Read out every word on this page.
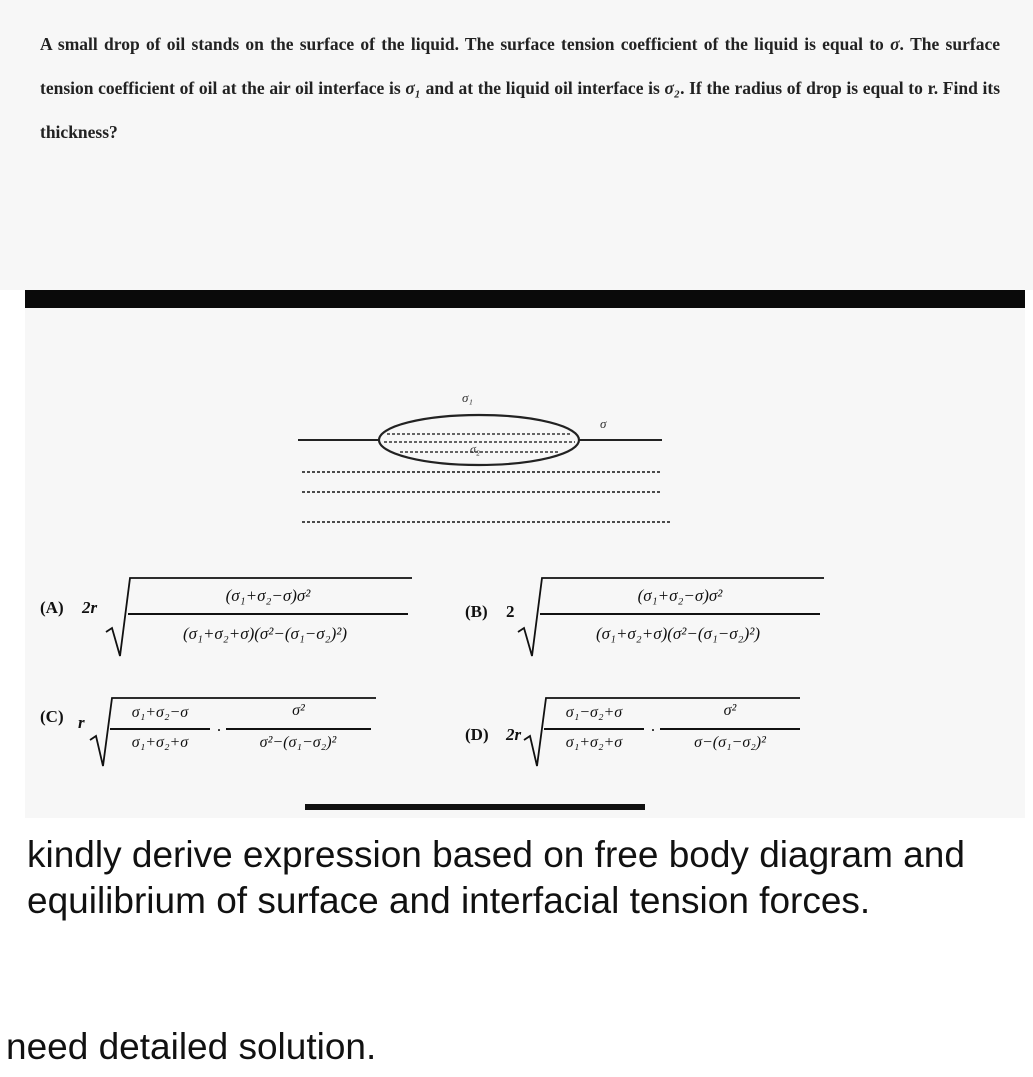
A small drop of oil stands on the surface of the liquid. The surface tension coefficient of the liquid is equal to σ. The surface tension coefficient of oil at the air oil interface is σ₁ and at the liquid oil interface is σ₂. If the radius of drop is equal to r. Find its thickness?
σ₁
σ
σ₂
(A) 2r
(σ₁+σ₂−σ)σ²
(σ₁+σ₂+σ)(σ²−(σ₁−σ₂)²)
(B) 2
(σ₁+σ₂−σ)σ²
(σ₁+σ₂+σ)(σ²−(σ₁−σ₂)²)
(C) r
σ₁+σ₂−σ
σ₁+σ₂+σ
.
σ²
σ²−(σ₁−σ₂)²	(D) 2r
σ₁−σ₂+σ
σ₁+σ₂+σ
.
σ²
σ−(σ₁−σ₂)²
kindly derive expression based on free body diagram and equilibrium of surface and interfacial tension forces.
need detailed solution.
